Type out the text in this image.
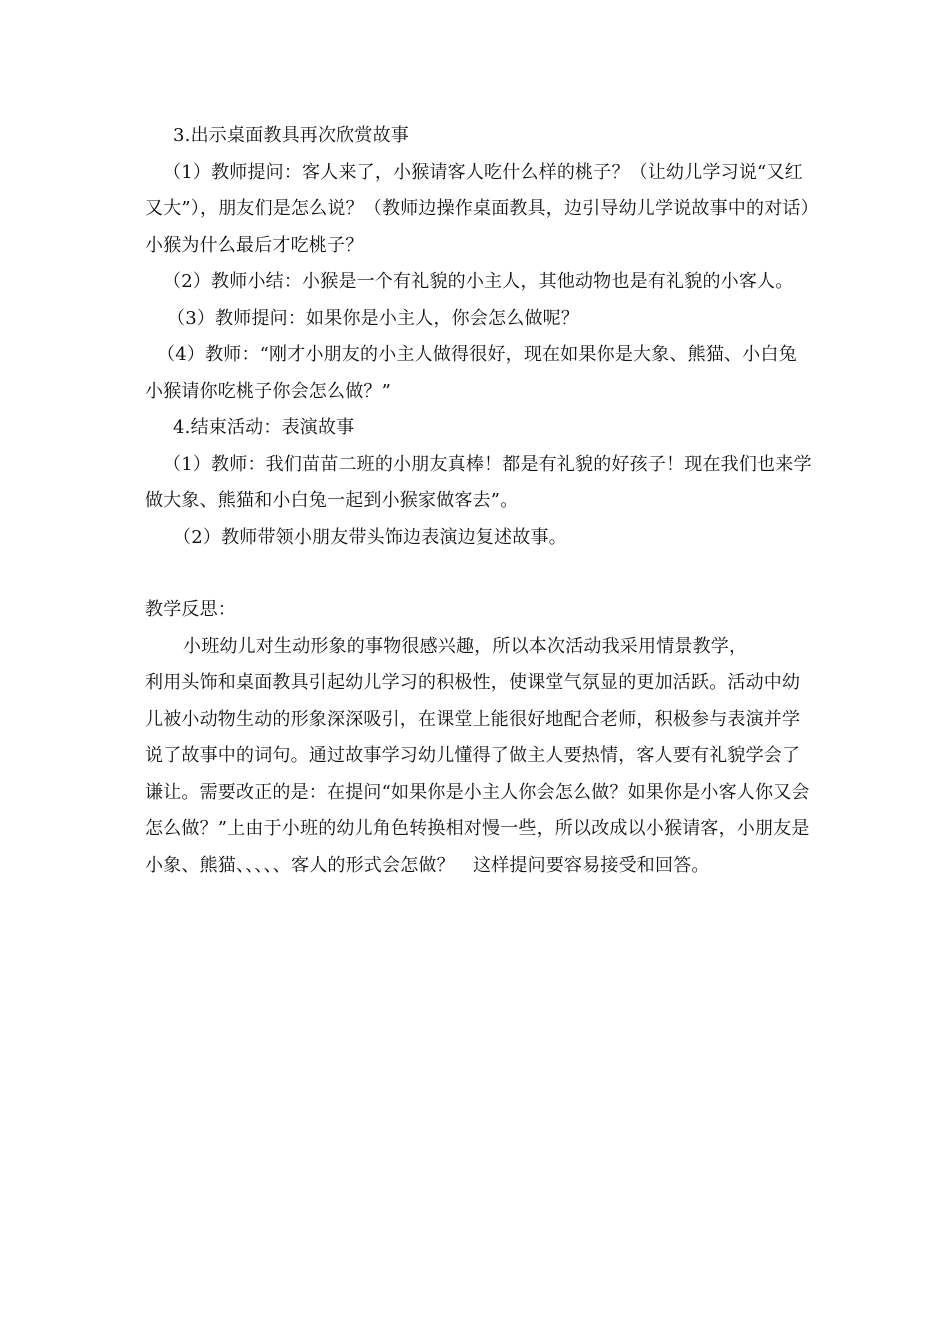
3.出示桌面教具再次欣赏故事

（1）教师提问：客人来了，小猴请客人吃什么样的桃子？（让幼儿学习说“又红又大”），朋友们是怎么说？（教师边操作桌面教具，边引导幼儿学说故事中的对话）小猴为什么最后才吃桃子？

（2）教师小结：小猴是一个有礼貌的小主人，其他动物也是有礼貌的小客人。

（3）教师提问：如果你是小主人，你会怎么做呢？

（4）教师：“刚才小朋友的小主人做得很好，现在如果你是大象、熊猫、小白兔小猴请你吃桃子你会怎么做？”

4.结束活动：表演故事

（1）教师：我们苗苗二班的小朋友真棒！都是有礼貌的好孩子！现在我们也来学做大象、熊猫和小白兔一起到小猴家做客去”。

（2）教师带领小朋友带头饰边表演边复述故事。

教学反思：

小班幼儿对生动形象的事物很感兴趣，所以本次活动我采用情景教学，

利用头饰和桌面教具引起幼儿学习的积极性，使课堂气氛显的更加活跃。活动中幼儿被小动物生动的形象深深吸引，在课堂上能很好地配合老师，积极参与表演并学说了故事中的词句。通过故事学习幼儿懂得了做主人要热情，客人要有礼貌学会了谦让。需要改正的是：在提问“如果你是小主人你会怎么做？如果你是小客人你又会怎么做？”上由于小班的幼儿角色转换相对慢一些，所以改成以小猴请客，小朋友是小象、熊猫、、、、、客人的形式会怎做？　这样提问要容易接受和回答。
